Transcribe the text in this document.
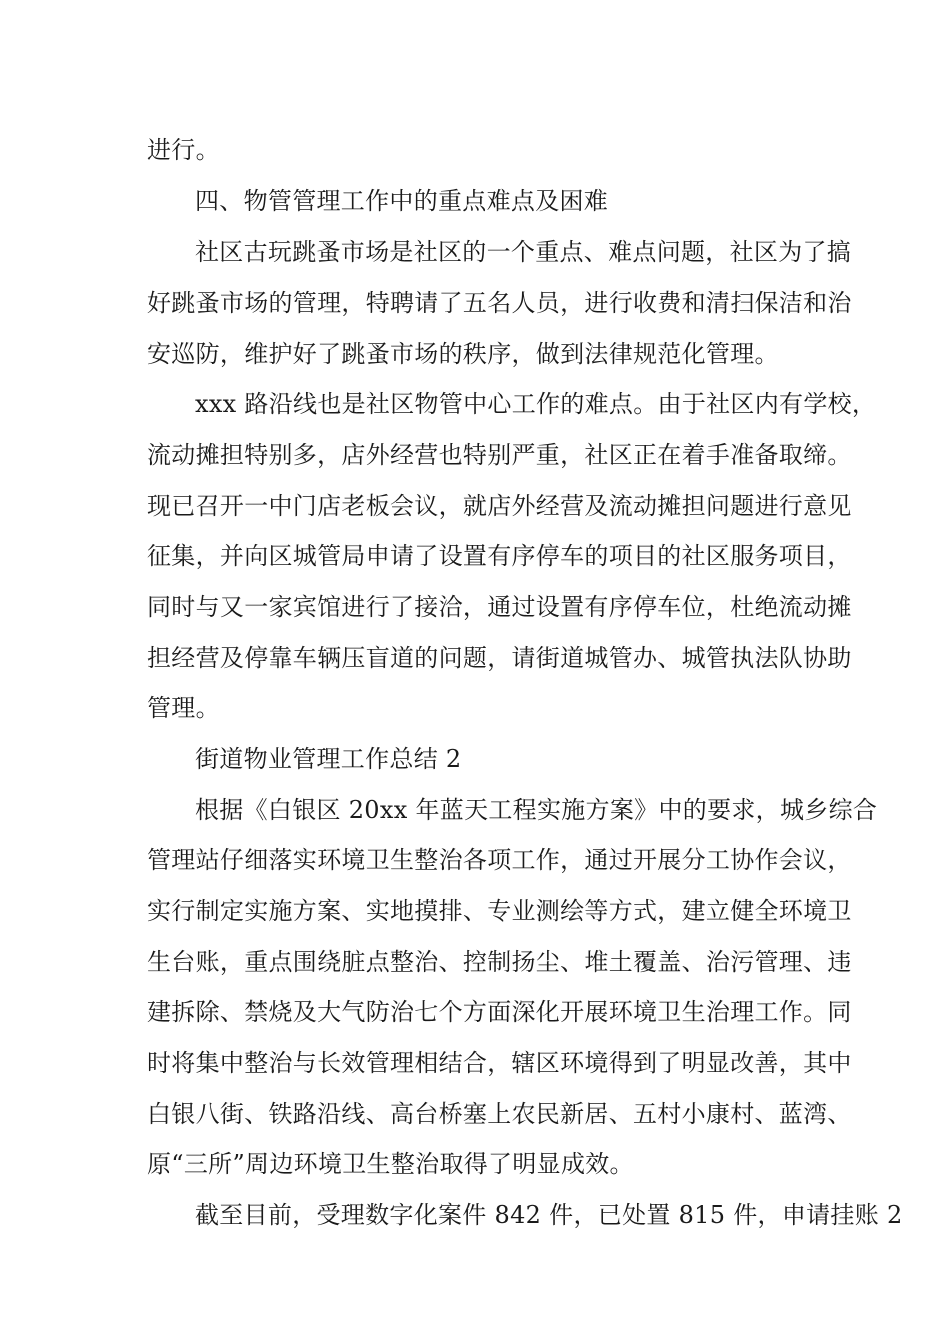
进行。
四、物管管理工作中的重点难点及困难
社区古玩跳蚤市场是社区的一个重点、难点问题，社区为了搞
好跳蚤市场的管理，特聘请了五名人员，进行收费和清扫保洁和治
安巡防，维护好了跳蚤市场的秩序，做到法律规范化管理。
xxx 路沿线也是社区物管中心工作的难点。由于社区内有学校，
流动摊担特别多，店外经营也特别严重，社区正在着手准备取缔。
现已召开一中门店老板会议，就店外经营及流动摊担问题进行意见
征集，并向区城管局申请了设置有序停车的项目的社区服务项目，
同时与又一家宾馆进行了接洽，通过设置有序停车位，杜绝流动摊
担经营及停靠车辆压盲道的问题，请街道城管办、城管执法队协助
管理。
街道物业管理工作总结 2
根据《白银区 20xx 年蓝天工程实施方案》中的要求，城乡综合
管理站仔细落实环境卫生整治各项工作，通过开展分工协作会议，
实行制定实施方案、实地摸排、专业测绘等方式，建立健全环境卫
生台账，重点围绕脏点整治、控制扬尘、堆土覆盖、治污管理、违
建拆除、禁烧及大气防治七个方面深化开展环境卫生治理工作。同
时将集中整治与长效管理相结合，辖区环境得到了明显改善，其中
白银八街、铁路沿线、高台桥塞上农民新居、五村小康村、蓝湾、
原“三所”周边环境卫生整治取得了明显成效。
截至目前，受理数字化案件 842 件，已处置 815 件，申请挂账 2
